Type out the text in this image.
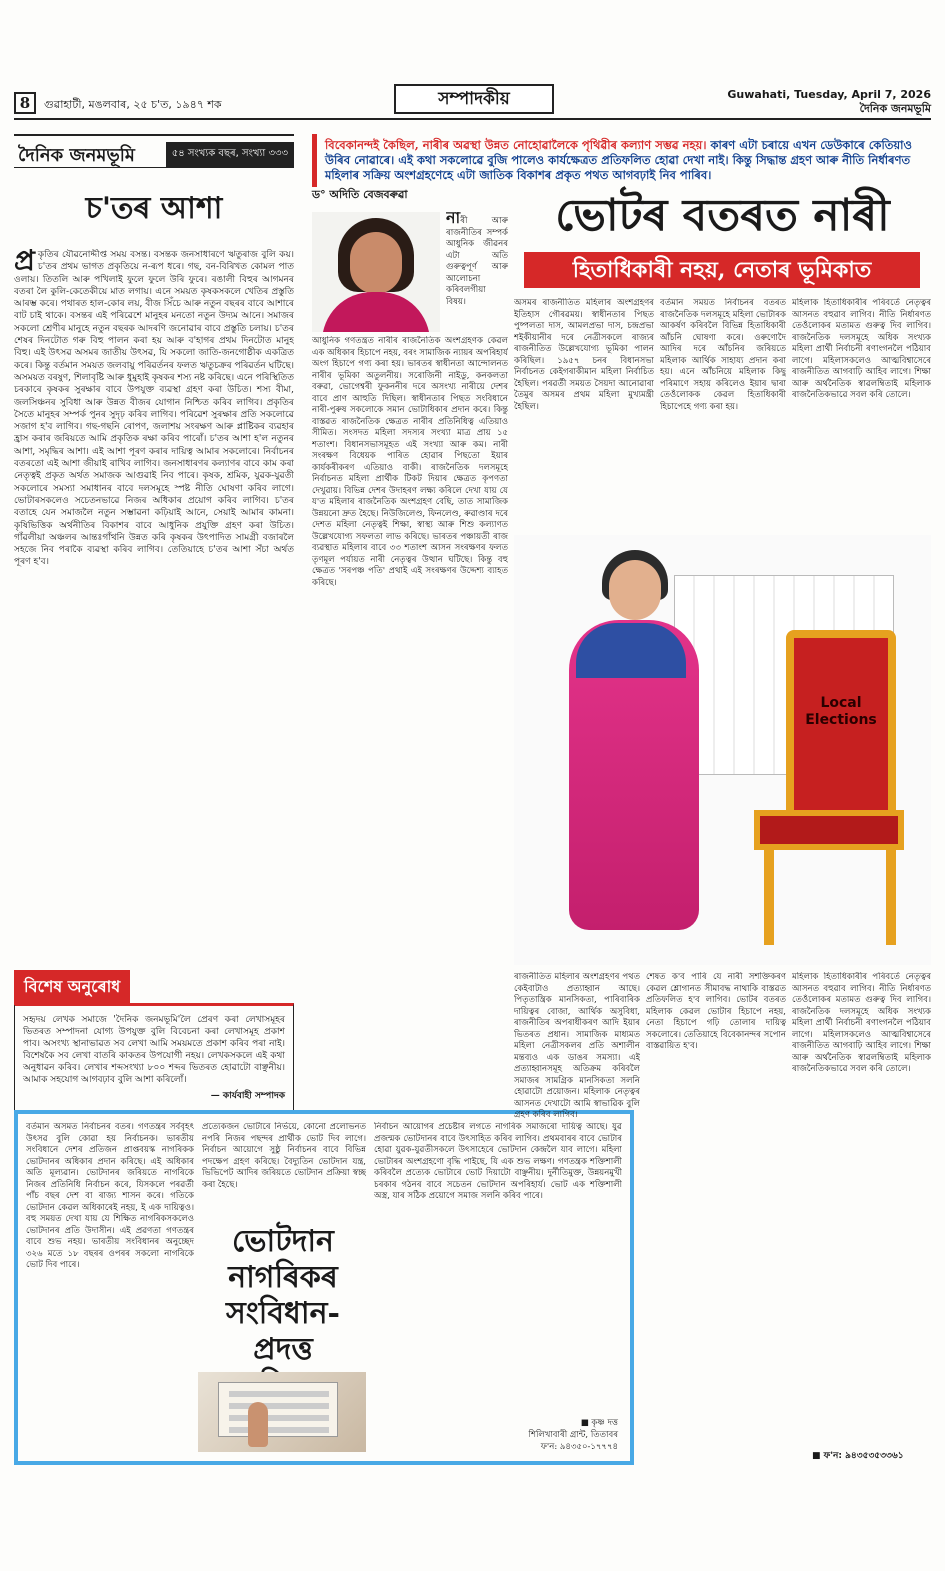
8	গুৱাহাটী, মঙলবাৰ, ২৫ চ'ত, ১৯৪৭ শক	সম্পাদকীয়	Guwahati, Tuesday, April 7, 2026
দৈনিক জনমভূমি
দৈনিক জনমভূমি	৫৪ সংখ্যক বছৰ, সংখ্যা ৩৩৩
চ'তৰ আশা
প্র কৃতিৰ যৌৱনোদ্দীপ্ত সময় বসন্ত। বসন্তক জনসাধাৰণে ঋতুৰাজ বুলি কয়। চ'তৰ প্রথম ভাগত প্রকৃতিয়ে ন-ৰূপ ধৰে। গছ, বন-বিৰিখত কোমল পাত ওলায়। তিতলি আৰু পখিলাই ফুলে ফুলে উৰি ফুৰে। ৰঙালী বিহুৰ আগমনৰ বতৰা লৈ কুলি-কেতেকীয়ে মাত লগায়। এনে সময়ত কৃষকসকলে খেতিৰ প্রস্তুতি আৰম্ভ কৰে। পথাৰত হাল-কোৰ লয়, বীজ সিঁচে আৰু নতুন বছৰৰ বাবে আশাৰে বাট চাই থাকে। বসন্তৰ এই পৰিৱেশে মানুহৰ মনতো নতুন উদ্যম আনে। সমাজৰ সকলো শ্রেণীৰ মানুহে নতুন বছৰক আদৰণি জনোৱাৰ বাবে প্রস্তুতি চলায়। চ'তৰ শেষৰ দিনটোত গৰু বিহু পালন কৰা হয় আৰু ব'হাগৰ প্রথম দিনটোত মানুহ বিহু। এই উৎসৱ অসমৰ জাতীয় উৎসৱ, যি সকলো জাতি-জনগোষ্ঠীক একত্রিত কৰে। কিন্তু বৰ্তমান সময়ত জলবায়ু পৰিৱৰ্তনৰ ফলত ঋতুচক্রৰ পৰিৱৰ্তন ঘটিছে। অসময়ত বৰষুণ, শিলাবৃষ্টি আৰু ধুমুহাই কৃষকৰ শস্য নষ্ট কৰিছে। এনে পৰিস্থিতিত চৰকাৰে কৃষকৰ সুৰক্ষাৰ বাবে উপযুক্ত ব্যৱস্থা গ্রহণ কৰা উচিত। শস্য বীমা, জলসিঞ্চনৰ সুবিধা আৰু উন্নত বীজৰ যোগান নিশ্চিত কৰিব লাগিব। প্রকৃতিৰ সৈতে মানুহৰ সম্পৰ্ক পুনৰ সুদৃঢ় কৰিব লাগিব। পৰিৱেশ সুৰক্ষাৰ প্রতি সকলোৱে সজাগ হ'ব লাগিব। গছ-গছনি ৰোপণ, জলাশয় সংৰক্ষণ আৰু প্লাষ্টিকৰ ব্যৱহাৰ হ্রাস কৰাৰ জৰিয়তে আমি প্রকৃতিক ৰক্ষা কৰিব পাৰোঁ। চ'তৰ আশা হ'ল নতুনৰ আশা, সমৃদ্ধিৰ আশা। এই আশা পূৰণ কৰাৰ দায়িত্ব আমাৰ সকলোৰে। নিৰ্বাচনৰ বতৰতো এই আশা জীয়াই ৰাখিব লাগিব। জনসাধাৰণৰ কল্যাণৰ বাবে কাম কৰা নেতৃত্বই প্রকৃত অৰ্থত সমাজক আগুৱাই নিব পাৰে। কৃষক, শ্রমিক, যুৱক-যুৱতী সকলোৰে সমস্যা সমাধানৰ বাবে দলসমূহে স্পষ্ট নীতি ঘোষণা কৰিব লাগে। ভোটাৰসকলেও সচেতনভাৱে নিজৰ অধিকাৰ প্রয়োগ কৰিব লাগিব। চ'তৰ বতাহে যেন সমাজলৈ নতুন সম্ভাৱনা কঢ়িয়াই আনে, সেয়াই আমাৰ কামনা। কৃষিভিত্তিক অৰ্থনীতিৰ বিকাশৰ বাবে আধুনিক প্রযুক্তি গ্রহণ কৰা উচিত। গাঁৱলীয়া অঞ্চলৰ আন্তঃগাঁথনি উন্নত কৰি কৃষকৰ উৎপাদিত সামগ্রী বজাৰলৈ সহজে নিব পৰাকৈ ব্যৱস্থা কৰিব লাগিব। তেতিয়াহে চ'তৰ আশা সঁচা অৰ্থত পূৰণ হ'ব।
বিশেষ অনুৰোধ
সহৃদয় লেখক সমাজে 'দৈনিক জনমভূমি'লৈ প্রেৰণ কৰা লেখাসমূহৰ ভিতৰত সম্পাদনা যোগ্য উপযুক্ত বুলি বিবেচনা কৰা লেখাসমূহ প্রকাশ পাব। অসংখ্য স্থানাভাৱত সব লেখা আমি সময়মতে প্রকাশ কৰিব পৰা নাই। বিশেষকৈ সব লেখা বাতৰি কাকতৰ উপযোগী নহয়। লেখকসকলে এই কথা অনুধাৱন কৰিব। লেখাৰ শব্দসংখ্যা ৮০০ শব্দৰ ভিতৰত হোৱাটো বাঞ্ছনীয়। আমাক সহযোগ আগবঢ়াব বুলি আশা কৰিলোঁ।
— কাৰ্যবাহী সম্পাদক
বৰ্তমান অসমত নিৰ্বাচনৰ বতৰ। গণতন্ত্রৰ সৰ্ববৃহৎ উৎসৱ বুলি কোৱা হয় নিৰ্বাচনক। ভাৰতীয় সংবিধানে দেশৰ প্রতিজন প্রাপ্তবয়স্ক নাগৰিকক ভোটদানৰ অধিকাৰ প্রদান কৰিছে। এই অধিকাৰ অতি মূল্যৱান। ভোটদানৰ জৰিয়তে নাগৰিকে নিজৰ প্রতিনিধি নিৰ্বাচন কৰে, যিসকলে পৰৱৰ্তী পাঁচ বছৰ দেশ বা ৰাজ্য শাসন কৰে। গতিকে ভোটদান কেৱল অধিকাৰেই নহয়, ই এক দায়িত্বও। বহু সময়ত দেখা যায় যে শিক্ষিত নাগৰিকসকলেও ভোটদানৰ প্রতি উদাসীন। এই প্রৱণতা গণতন্ত্রৰ বাবে শুভ নহয়। ভাৰতীয় সংবিধানৰ অনুচ্ছেদ ৩২৬ মতে ১৮ বছৰৰ ওপৰৰ সকলো নাগৰিকে ভোট দিব পাৰে।
প্রত্যেকজন ভোটাৰে নিৰ্ভয়ে, কোনো প্রলোভনত নপৰি নিজৰ পছন্দৰ প্রাৰ্থীক ভোট দিব লাগে। নিৰ্বাচন আয়োগে সুষ্ঠু নিৰ্বাচনৰ বাবে বিভিন্ন পদক্ষেপ গ্রহণ কৰিছে। বৈদ্যুতিন ভোটদান যন্ত্র, ভিভিপেট আদিৰ জৰিয়তে ভোটদান প্রক্রিয়া স্বচ্ছ কৰা হৈছে।
ভোটদান নাগৰিকৰ সংবিধান-প্রদত্ত
নিৰ্বাচন আয়োগৰ প্রচেষ্টাৰ লগতে নাগৰিক সমাজৰো দায়িত্ব আছে। যুৱ প্রজন্মক ভোটদানৰ বাবে উৎসাহিত কৰিব লাগিব। প্রথমবাৰৰ বাবে ভোটাৰ হোৱা যুৱক-যুৱতীসকলে উৎসাহেৰে ভোটদান কেন্দ্রলৈ যাব লাগে। মহিলা ভোটাৰৰ অংশগ্রহণো বৃদ্ধি পাইছে, যি এক শুভ লক্ষণ। গণতন্ত্রক শক্তিশালী কৰিবলৈ প্রত্যেক ভোটাৰে ভোট দিয়াটো বাঞ্ছনীয়। দুৰ্নীতিমুক্ত, উন্নয়নমুখী চৰকাৰ গঠনৰ বাবে সচেতন ভোটদান অপৰিহাৰ্য। ভোট এক শক্তিশালী অস্ত্র, যাৰ সঠিক প্রয়োগে সমাজ সলনি কৰিব পাৰে।
■ কৃষ্ণ দত্ত
শিলিখাবাৰী গ্ৰান্ট, তিতাবৰ
ফ'ন: ৯৪৩৫০-১৭৭৭৪
বিবেকানন্দই কৈছিল, নাৰীৰ অৱস্থা উন্নত নোহোৱালৈকে পৃথিৱীৰ কল্যাণ সম্ভৱ নহয়। কাৰণ এটা চৰায়ে এখন ডেউকাৰে কেতিয়াও উৰিব নোৱাৰে। এই কথা সকলোৱে বুজি পালেও কাৰ্যক্ষেত্রত প্রতিফলিত হোৱা দেখা নাই। কিন্তু সিদ্ধান্ত গ্রহণ আৰু নীতি নিৰ্ধাৰণত মহিলাৰ সক্রিয় অংশগ্রহণেহে এটা জাতিক বিকাশৰ প্রকৃত পথত আগবঢ়াই নিব পাৰিব।
ড° অদিতি বেজবৰুৱা
নাৰী আৰু ৰাজনীতিৰ সম্পৰ্ক আধুনিক জীৱনৰ এটা অতি গুৰুত্বপূৰ্ণ আৰু আলোচনা কৰিবলগীয়া বিষয়।
আধুনিক গণতন্ত্রত নাৰীৰ ৰাজনৈতিক অংশগ্রহণক কেৱল এক অধিকাৰ হিচাপে নহয়, বৰং সামাজিক ন্যায়ৰ অপৰিহাৰ্য অংগ হিচাপে গণ্য কৰা হয়। ভাৰতৰ স্বাধীনতা আন্দোলনত নাৰীৰ ভূমিকা অতুলনীয়। সৰোজিনী নাইডু, কনকলতা বৰুৱা, ভোগেশ্বৰী ফুকননীৰ দৰে অসংখ্য নাৰীয়ে দেশৰ বাবে প্রাণ আহুতি দিছিল। স্বাধীনতাৰ পিছত সংবিধানে নাৰী-পুৰুষ সকলোকে সমান ভোটাধিকাৰ প্রদান কৰে। কিন্তু বাস্তৱত ৰাজনৈতিক ক্ষেত্রত নাৰীৰ প্রতিনিধিত্ব এতিয়াও সীমিত। সংসদত মহিলা সদস্যৰ সংখ্যা মাত্র প্রায় ১৫ শতাংশ। বিধানসভাসমূহত এই সংখ্যা আৰু কম। নাৰী সংৰক্ষণ বিধেয়ক পাৰিত হোৱাৰ পিছতো ইয়াৰ কাৰ্যকৰীকৰণ এতিয়াও বাকী। ৰাজনৈতিক দলসমূহে নিৰ্বাচনত মহিলা প্রাৰ্থীক টিকট দিয়াৰ ক্ষেত্রত কৃপণতা দেখুৱায়। বিভিন্ন দেশৰ উদাহৰণ লক্ষ্য কৰিলে দেখা যায় যে য'ত মহিলাৰ ৰাজনৈতিক অংশগ্রহণ বেছি, তাত সামাজিক উন্নয়নো দ্রুত হৈছে। নিউজিলেণ্ড, ফিনলেণ্ড, ৰুৱাণ্ডাৰ দৰে দেশত মহিলা নেতৃত্বই শিক্ষা, স্বাস্থ্য আৰু শিশু কল্যাণত উল্লেখযোগ্য সফলতা লাভ কৰিছে। ভাৰতৰ পঞ্চায়তী ৰাজ ব্যৱস্থাত মহিলাৰ বাবে ৩৩ শতাংশ আসন সংৰক্ষণৰ ফলত তৃণমূল পৰ্যায়ত নাৰী নেতৃত্বৰ উত্থান ঘটিছে। কিন্তু বহু ক্ষেত্রত 'সৰপঞ্চ পতি' প্রথাই এই সংৰক্ষণৰ উদ্দেশ্য ব্যাহত কৰিছে।
ভোটৰ বতৰত নাৰী
হিতাধিকাৰী নহয়, নেতাৰ ভূমিকাত
অসমৰ ৰাজনীতিত মহিলাৰ অংশগ্রহণৰ ইতিহাস গৌৰৱময়। স্বাধীনতাৰ পিছত পুষ্পলতা দাস, আমলপ্রভা দাস, চন্দ্রপ্রভা শইকীয়ানীৰ দৰে নেত্রীসকলে ৰাজ্যৰ ৰাজনীতিত উল্লেখযোগ্য ভূমিকা পালন কৰিছিল। ১৯৫৭ চনৰ বিধানসভা নিৰ্বাচনত কেইগৰাকীমান মহিলা নিৰ্বাচিত হৈছিল। পৰৱৰ্তী সময়ত সৈয়দা আনোৱাৰা তৈমুৰ অসমৰ প্রথম মহিলা মুখ্যমন্ত্রী হৈছিল।
বৰ্তমান সময়ত নিৰ্বাচনৰ বতৰত ৰাজনৈতিক দলসমূহে মহিলা ভোটাৰক আকৰ্ষণ কৰিবলৈ বিভিন্ন হিতাধিকাৰী আঁচনি ঘোষণা কৰে। ওৰুণোদৈ আদিৰ দৰে আঁচনিৰ জৰিয়তে মহিলাক আৰ্থিক সাহায্য প্রদান কৰা হয়। এনে আঁচনিয়ে মহিলাক কিছু পৰিমাণে সহায় কৰিলেও ইয়াৰ দ্বাৰা তেওঁলোকক কেৱল হিতাধিকাৰী হিচাপেহে গণ্য কৰা হয়।
মহিলাক হিতাধিকাৰীৰ পৰিবৰ্তে নেতৃত্বৰ আসনত বহুৱাব লাগিব। নীতি নিৰ্ধাৰণত তেওঁলোকৰ মতামত গুৰুত্ব দিব লাগিব। ৰাজনৈতিক দলসমূহে অধিক সংখ্যক মহিলা প্রাৰ্থী নিৰ্বাচনী ৰণাংগনলৈ পঠিয়াব লাগে। মহিলাসকলেও আত্মবিশ্বাসেৰে ৰাজনীতিত আগবাঢ়ি আহিব লাগে। শিক্ষা আৰু অৰ্থনৈতিক স্বাৱলম্বিতাই মহিলাক ৰাজনৈতিকভাৱে সবল কৰি তোলে।
Local Elections
ৰাজনীতিত মহিলাৰ অংশগ্রহণৰ পথত কেইবাটাও প্রত্যাহ্বান আছে। পিতৃতান্ত্রিক মানসিকতা, পাৰিবাৰিক দায়িত্বৰ বোজা, আৰ্থিক অসুবিধা, ৰাজনীতিৰ অপৰাধীকৰণ আদি ইয়াৰ ভিতৰত প্রধান। সামাজিক মাধ্যমত মহিলা নেত্রীসকলৰ প্রতি অশালীন মন্তব্যও এক ডাঙৰ সমস্যা। এই প্রত্যাহ্বানসমূহ অতিক্রম কৰিবলৈ সমাজৰ সামগ্রিক মানসিকতা সলনি হোৱাটো প্রয়োজন। মহিলাক নেতৃত্বৰ আসনত দেখাটো আমি স্বাভাৱিক বুলি গ্রহণ কৰিব লাগিব।
শেষত ক'ব পাৰি যে নাৰী সশক্তিকৰণ কেৱল শ্লোগানত সীমাবদ্ধ নাথাকি বাস্তৱত প্রতিফলিত হ'ব লাগিব। ভোটৰ বতৰত মহিলাক কেৱল ভোটাৰ হিচাপে নহয়, নেতা হিচাপে গঢ়ি তোলাৰ দায়িত্ব সকলোৰে। তেতিয়াহে বিবেকানন্দৰ সপোন বাস্তৱায়িত হ'ব।
মহিলাক হিতাধিকাৰীৰ পৰিবৰ্তে নেতৃত্বৰ আসনত বহুৱাব লাগিব। নীতি নিৰ্ধাৰণত তেওঁলোকৰ মতামত গুৰুত্ব দিব লাগিব। ৰাজনৈতিক দলসমূহে অধিক সংখ্যক মহিলা প্রাৰ্থী নিৰ্বাচনী ৰণাংগনলৈ পঠিয়াব লাগে। মহিলাসকলেও আত্মবিশ্বাসেৰে ৰাজনীতিত আগবাঢ়ি আহিব লাগে। শিক্ষা আৰু অৰ্থনৈতিক স্বাৱলম্বিতাই মহিলাক ৰাজনৈতিকভাৱে সবল কৰি তোলে।
■ ফ'ন: ৯৪৩৫৩৫৩৩৬১
